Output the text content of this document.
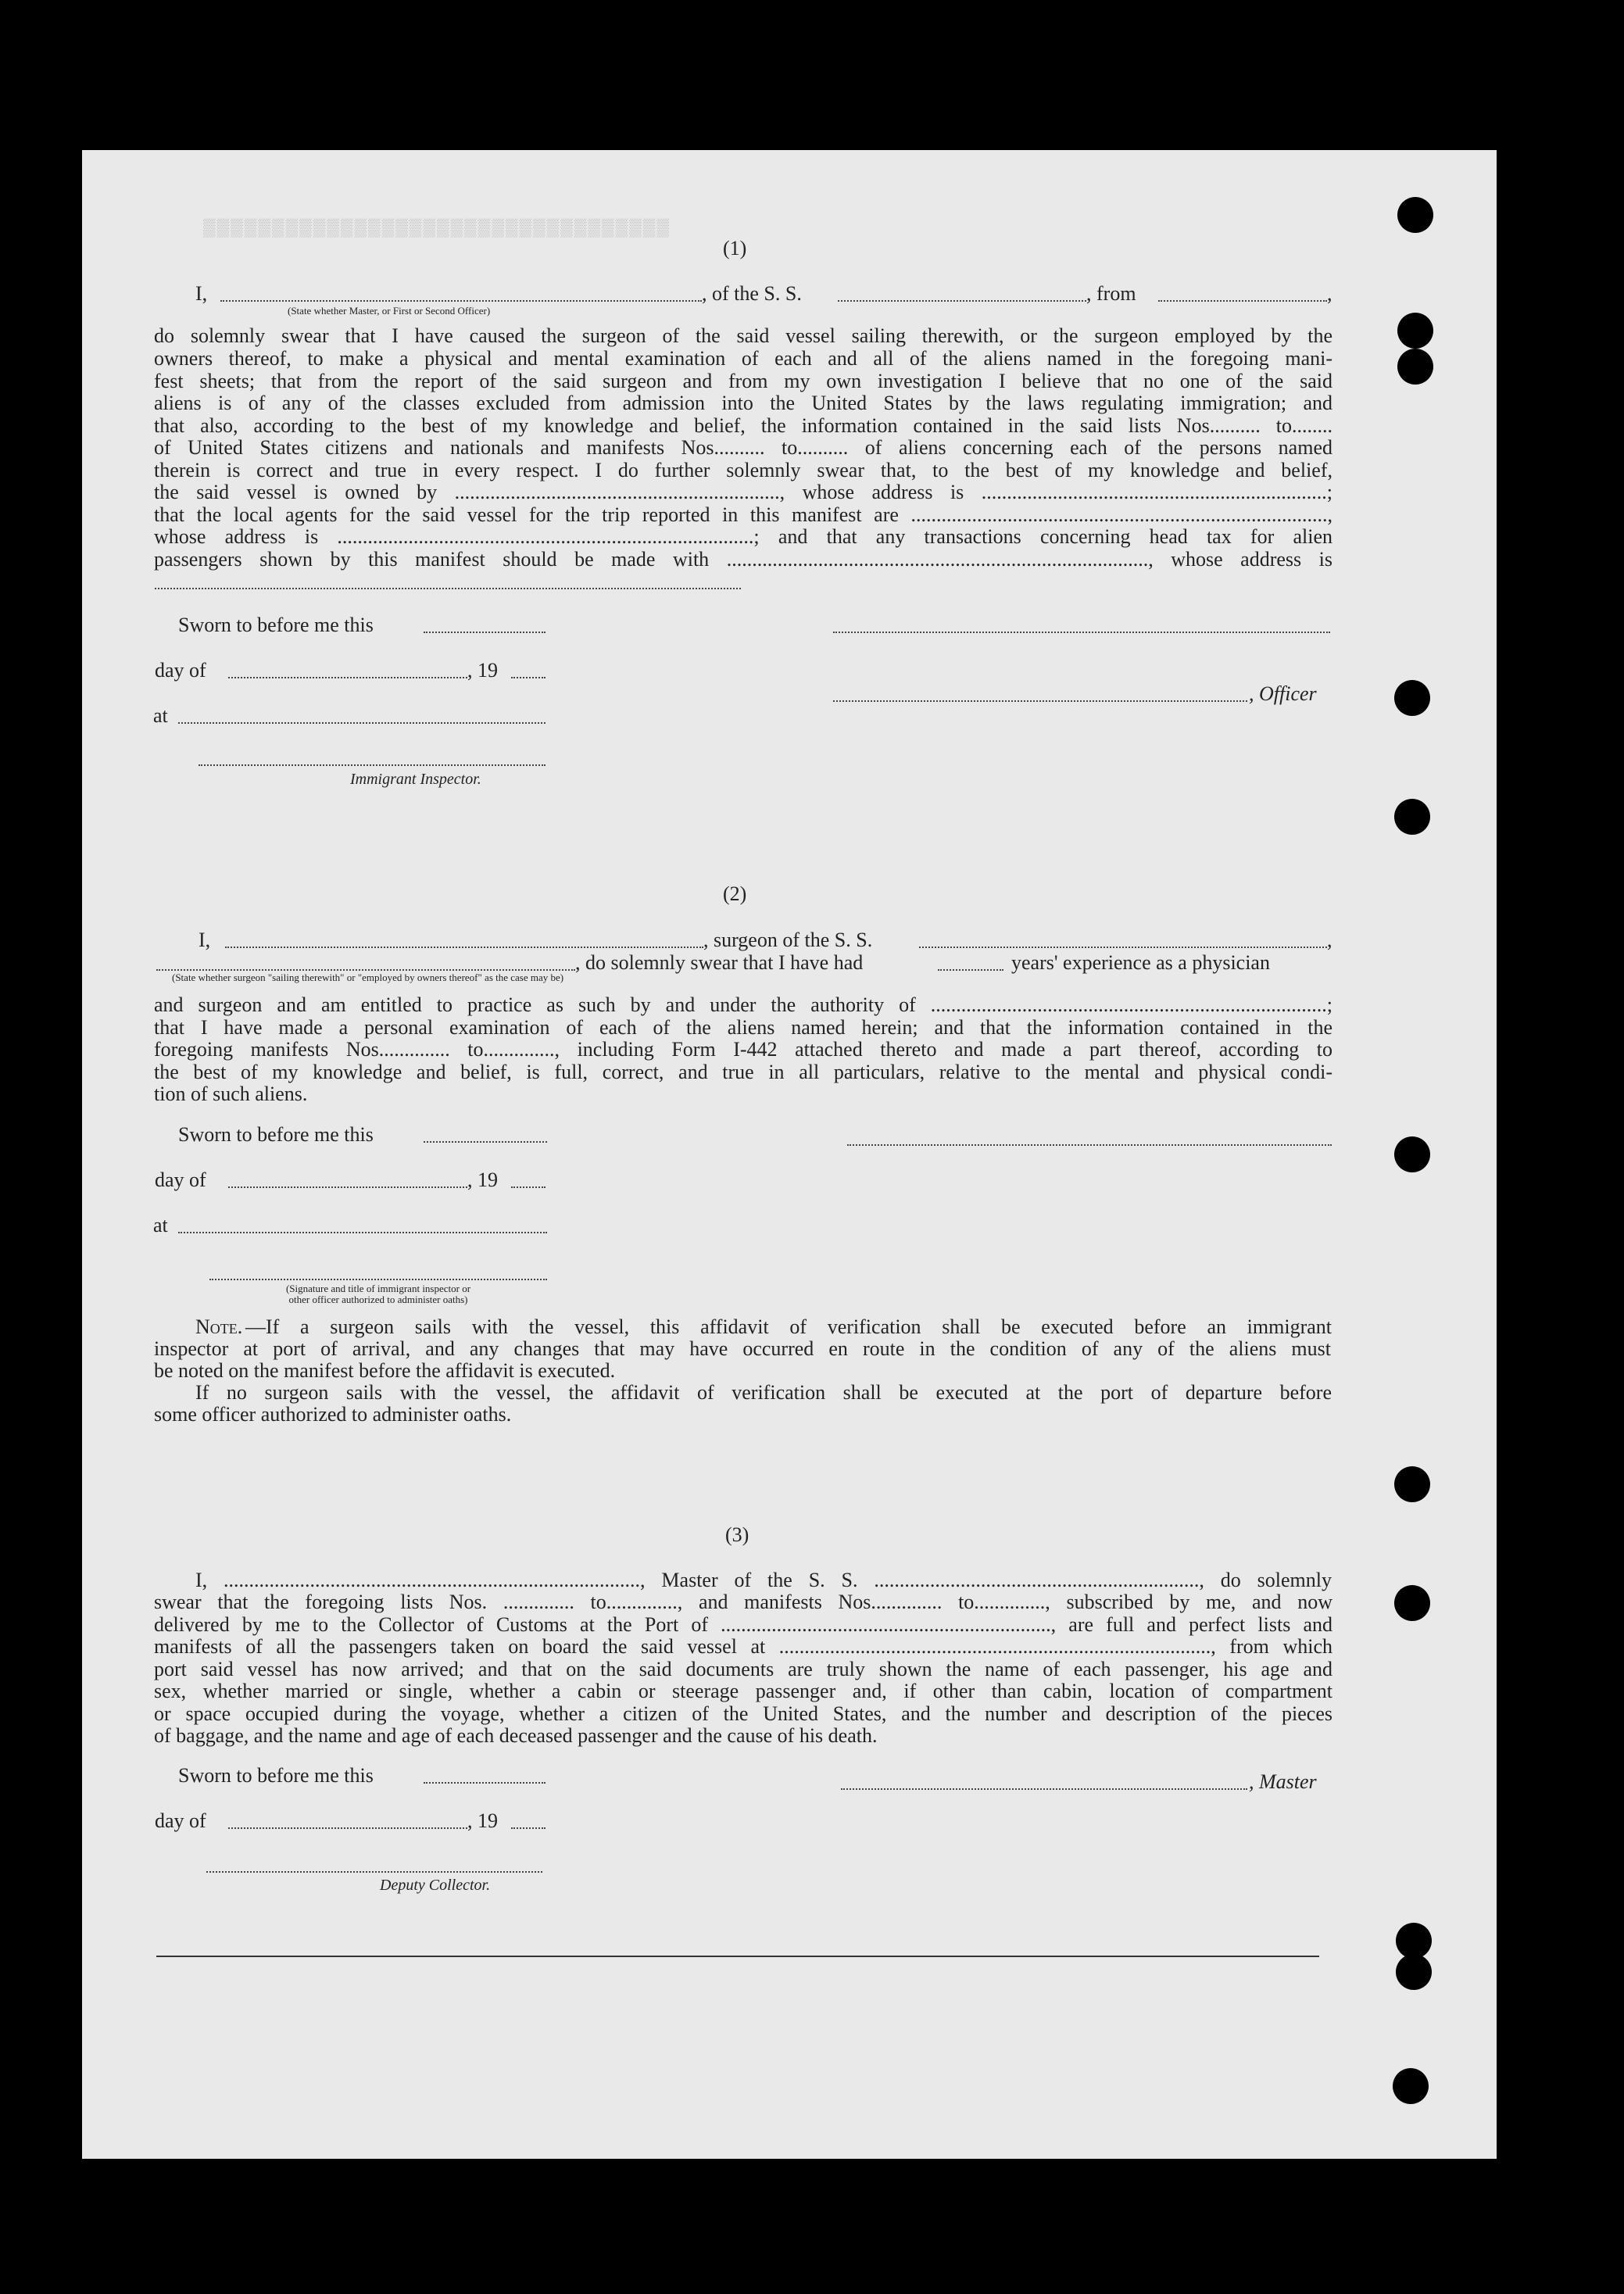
▒▒▒▒▒▒▒▒▒▒▒▒▒▒▒▒▒▒▒▒▒▒▒▒▒▒▒▒▒▒▒▒▒▒
(1)
I,	, of the S. S.	, from	,
(State whether Master, or First or Second Officer)
do solemnly swear that I have caused the surgeon of the said vessel sailing therewith, or the surgeon employed by the
owners thereof, to make a physical and mental examination of each and all of the aliens named in the foregoing mani-
fest sheets; that from the report of the said surgeon and from my own investigation I believe that no one of the said
aliens is of any of the classes excluded from admission into the United States by the laws regulating immigration; and
that also, according to the best of my knowledge and belief, the information contained in the said lists Nos.......... to........
of United States citizens and nationals and manifests Nos.......... to.......... of aliens concerning each of the persons named
therein is correct and true in every respect. I do further solemnly swear that, to the best of my knowledge and belief,
the said vessel is owned by ................................................................, whose address is ....................................................................;
that the local agents for the said vessel for the trip reported in this manifest are ..................................................................................,
whose address is ..................................................................................; and that any transactions concerning head tax for alien
passengers shown by this manifest should be made with ..................................................................................., whose address is
Sworn to before me this
day of	, 19
, Officer
at
Immigrant Inspector.
(2)
I,	, surgeon of the S. S.	,
, do solemnly swear that I have had	years' experience as a physician
(State whether surgeon "sailing therewith" or "employed by owners thereof" as the case may be)
and surgeon and am entitled to practice as such by and under the authority of ..............................................................................;
that I have made a personal examination of each of the aliens named herein; and that the information contained in the
foregoing manifests Nos.............. to.............., including Form I-442 attached thereto and made a part thereof, according to
the best of my knowledge and belief, is full, correct, and true in all particulars, relative to the mental and physical condi-
tion of such aliens.
Sworn to before me this
day of	, 19
at
(Signature and title of immigrant inspector or
other officer authorized to administer oaths)
Note. —If a surgeon sails with the vessel, this affidavit of verification shall be executed before an immigrant
inspector at port of arrival, and any changes that may have occurred en route in the condition of any of the aliens must
be noted on the manifest before the affidavit is executed.
If no surgeon sails with the vessel, the affidavit of verification shall be executed at the port of departure before
some officer authorized to administer oaths.
(3)
I, .................................................................................., Master of the S. S. ................................................................, do solemnly
swear that the foregoing lists Nos. .............. to.............., and manifests Nos.............. to.............., subscribed by me, and now
delivered by me to the Collector of Customs at the Port of ................................................................., are full and perfect lists and
manifests of all the passengers taken on board the said vessel at ....................................................................................., from which
port said vessel has now arrived; and that on the said documents are truly shown the name of each passenger, his age and
sex, whether married or single, whether a cabin or steerage passenger and, if other than cabin, location of compartment
or space occupied during the voyage, whether a citizen of the United States, and the number and description of the pieces
of baggage, and the name and age of each deceased passenger and the cause of his death.
Sworn to before me this	, Master
day of	, 19
Deputy Collector.
